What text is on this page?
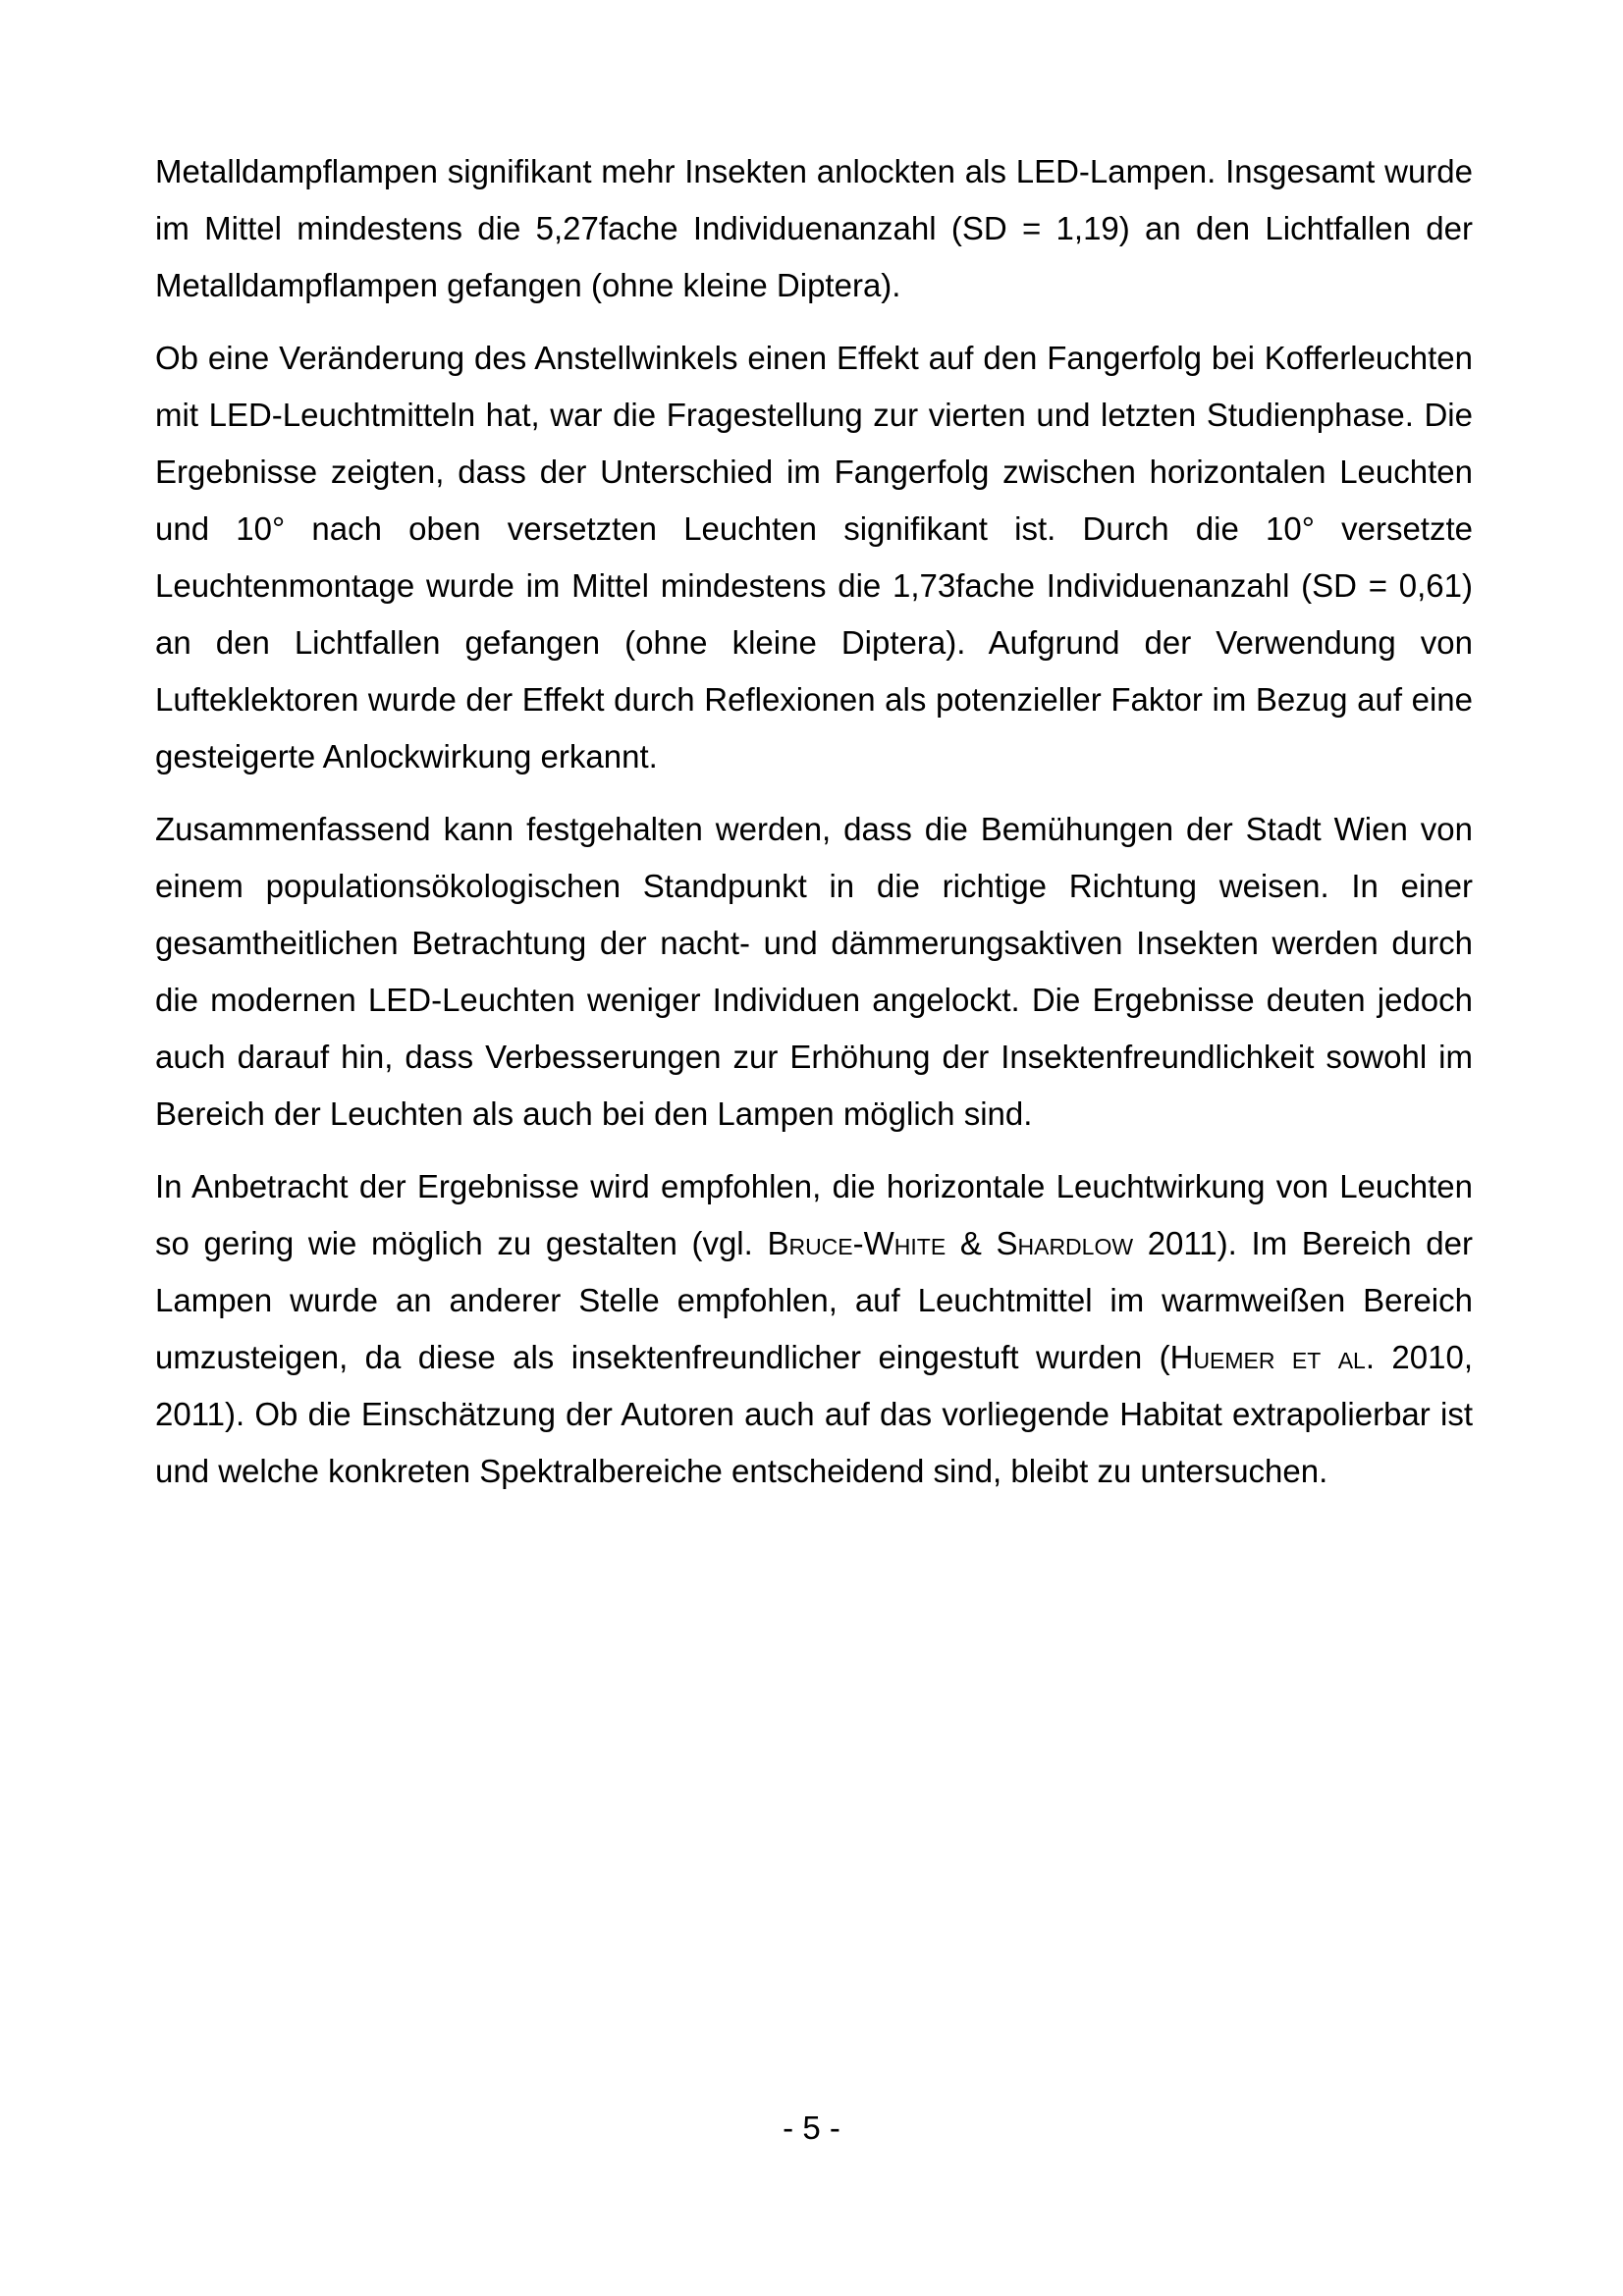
Metalldampflampen signifikant mehr Insekten anlockten als LED-Lampen. Insgesamt wurde im Mittel mindestens die 5,27fache Individuenanzahl (SD = 1,19) an den Lichtfallen der Metalldampflampen gefangen (ohne kleine Diptera).

Ob eine Veränderung des Anstellwinkels einen Effekt auf den Fangerfolg bei Kofferleuchten mit LED-Leuchtmitteln hat, war die Fragestellung zur vierten und letzten Studienphase. Die Ergebnisse zeigten, dass der Unterschied im Fangerfolg zwischen horizontalen Leuchten und 10° nach oben versetzten Leuchten signifikant ist. Durch die 10° versetzte Leuchtenmontage wurde im Mittel mindestens die 1,73fache Individuenanzahl (SD = 0,61) an den Lichtfallen gefangen (ohne kleine Diptera). Aufgrund der Verwendung von Lufteklektoren wurde der Effekt durch Reflexionen als potenzieller Faktor im Bezug auf eine gesteigerte Anlockwirkung erkannt.

Zusammenfassend kann festgehalten werden, dass die Bemühungen der Stadt Wien von einem populationsökologischen Standpunkt in die richtige Richtung weisen. In einer gesamtheitlichen Betrachtung der nacht- und dämmerungsaktiven Insekten werden durch die modernen LED-Leuchten weniger Individuen angelockt. Die Ergebnisse deuten jedoch auch darauf hin, dass Verbesserungen zur Erhöhung der Insektenfreundlichkeit sowohl im Bereich der Leuchten als auch bei den Lampen möglich sind.

In Anbetracht der Ergebnisse wird empfohlen, die horizontale Leuchtwirkung von Leuchten so gering wie möglich zu gestalten (vgl. Bruce-White & Shardlow 2011). Im Bereich der Lampen wurde an anderer Stelle empfohlen, auf Leuchtmittel im warmweißen Bereich umzusteigen, da diese als insektenfreundlicher eingestuft wurden (Huemer et al. 2010, 2011). Ob die Einschätzung der Autoren auch auf das vorliegende Habitat extrapolierbar ist und welche konkreten Spektralbereiche entscheidend sind, bleibt zu untersuchen.

- 5 -
